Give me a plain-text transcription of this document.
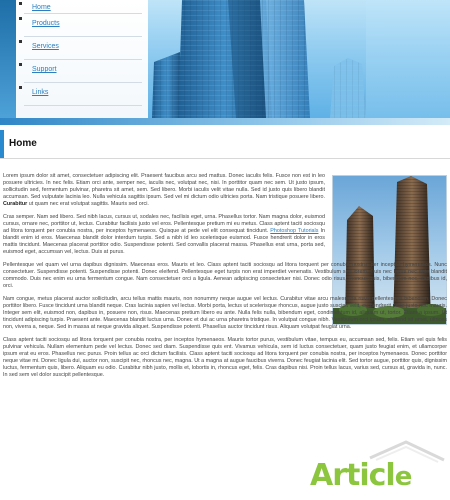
Home
Products
Services
Support
Links
Home

Lorem ipsum dolor sit amet, consectetuer adipiscing elit. Praesent faucibus arcu sed mattus. Donec iaculis felis. Fusce non est in leo posuere ultricies. In nec felis. Etiam orci ante, semper nec, iaculis nec, volutpat nec, nisi. In porttitor quam nec sem. Ut justo ipsum, sollicitudin sed, fermentum pulvinar, pharetra sit amet, sem. Sed libero. Morbi iaculis velit vitae nulla. Sed id justo quis libero blandit accumsan. Sed vulputate lacinia leo. Nulla vehicula sagittis ipsum. Sed vel mi dictum odio ultricies porta. Nam tristique posuere libero. Curabitur ut quam nec erat volutpat sagittis. Mauris sed orci.

Cras semper. Nam sed libero. Sed nibh lacus, cursus ut, sodales nec, facilisis eget, urna. Phasellus tortor. Nam magna dolor, euismod cursus, ornare nec, porttitor ut, lectus. Curabitur facilisis justo vel eros. Pellentesque pretium mi eu metus. Class aptent taciti sociosqu ad litora torquent per conubia nostra, per inceptos hymenaeos. Quisque at pede vel elit consequat tincidunt. Photoshop Tutorials In blandit enim id eros. Maecenas blandit dolor interdum turpis. Sed a nibh id leo scelerisque euismod. Fusce hendrerit dolor in eros mattis tincidunt. Maecenas placerat porttitor odio. Suspendisse potenti. Sed convallis placerat massa. Phasellus erat urna, porta sed, euismod eget, accumsan vel, lectus. Duis at purus.

Pellentesque vel quam vel urna dapibus dignissim. Maecenas eros. Mauris et leo. Class aptent taciti sociosqu ad litora torquent per conubia nostra, per inceptos hymenaeos. Nunc consectetuer. Suspendisse potenti. Suspendisse potenti. Donec eleifend. Pellentesque eget turpis non erat imperdiet venenatis. Vestibulum sed lorem. Duis nec lacus nec ante blandit commodo. Duis nec enim eu urna fermentum congue. Nam consectetuer orci a ligula. Aenean adipiscing consectetuer nisi. Donec odio risus, rhoncus quis, bibendum nec, dapibus id, orci.

Nam congue, metus placerat auctor sollicitudin, arcu tellus mattis mauris, non nonummy neque augue vel lectus. Curabitur vitae arcu malesuada risus pellentesque bibendum. Donec porttitor libero. Fusce tincidunt urna blandit neque. Cras lacinia sapien vel lectus. Morbi porta, lectus ut scelerisque rhoncus, augue justo suscipit velit, eu hendrerit pede justo nec mauris. Integer sem elit, euismod non, dapibus in, posuere non, risus. Maecenas pretium libero eu ante. Nulla felis nulla, bibendum eget, condimentum id, aliquam ut, tortor. Etiam a ipsum. Ut tincidunt adipiscing turpis. Praesent ante. Maecenas blandit luctus urna. Donec et dui ac urna pharetra tristique. In volutpat congue nibh. Vestibulum orci ipsum, eleifend sit amet, ultrices non, viverra a, neque. Sed in massa at neque gravida aliquet. Suspendisse potenti. Phasellus auctor tincidunt risus. Aliquam volutpat feugiat urna.

Class aptent taciti sociosqu ad litora torquent per conubia nostra, per inceptos hymenaeos. Mauris tortor purus, vestibulum vitae, tempus eu, accumsan sed, felis. Etiam vel quis felis pulvinar vehicula. Nullam elementum pede vel lectus. Donec sed diam. Suspendisse quis ent. Vivamus vehicula, sem id luctus consectetuer, quam justo feugiat enim, et ullamcorper ipsum erat eu eros. Phasellus nec purus. Proin tellus ac orci dictum facilisis. Class aptent taciti sociosqu ad litora torquent per conubia nostra, per inceptos hymenaeos. Donec porttitor neque vitae mi. Donec ligula dui, auctor non, suscipit nec, rhoncus nec, magna. Ut a magna at augue faucibus viverra. Donec feugiat lacinia elit. Sed tortor augue, porttitor quis, dignissim luctus, fermentum quis, libero. Aliquam eu odio. Curabitur nibh justo, mollis et, lobortis in, rhoncus eget, felis. Cras dapibus nisi. Proin tellus lacus, varius sed, cursus at, gravida in, nunc. In sed sem vel dolor suscipit pellentesque.

Article
